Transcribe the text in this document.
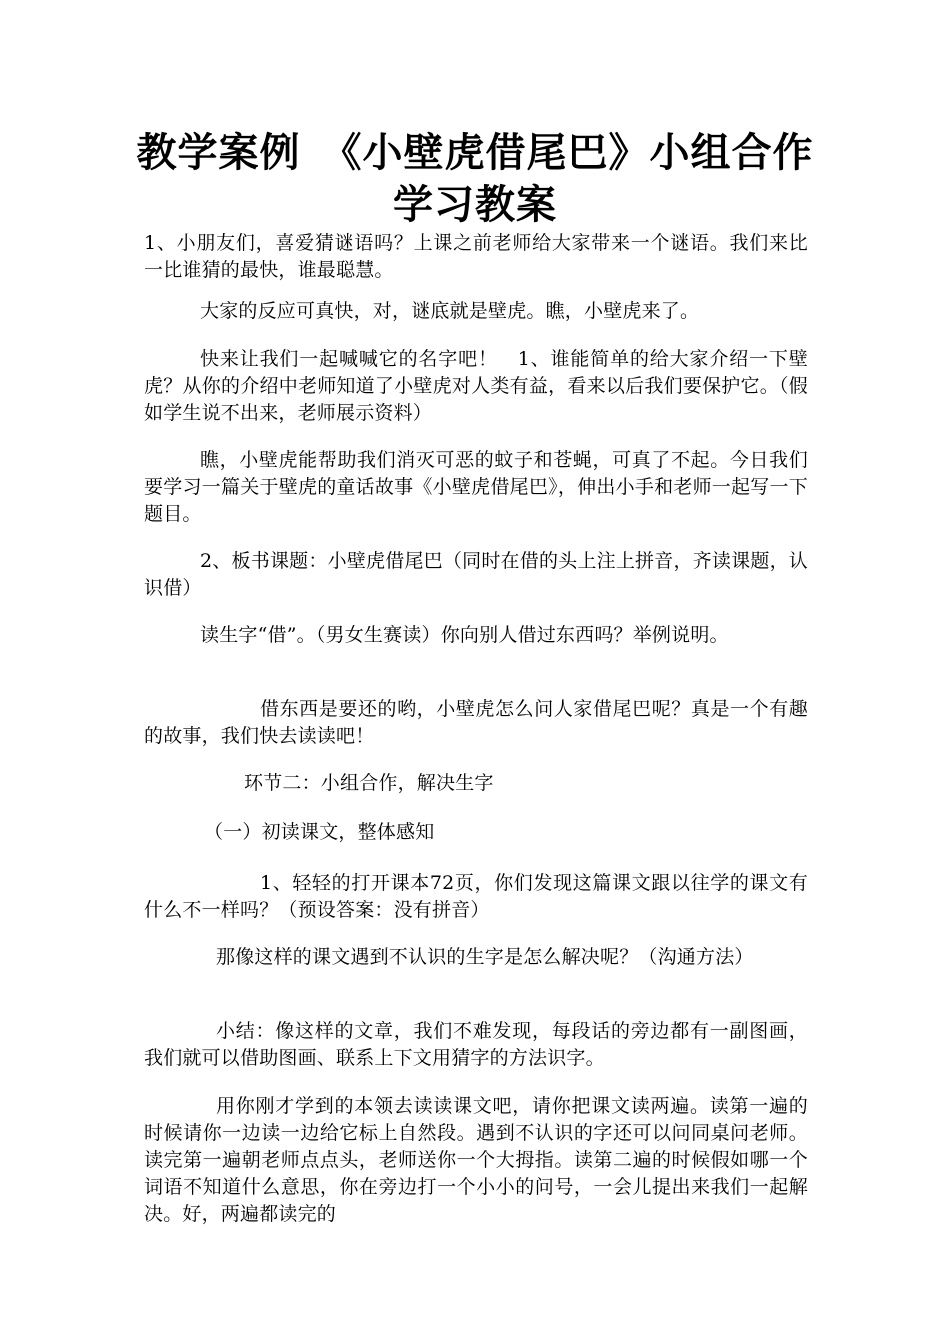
教学案例　《小壁虎借尾巴》小组合作
学习教案

1、小朋友们，喜爱猜谜语吗？上课之前老师给大家带来一个谜语。我们来比一比谁猜的最快，谁最聪慧。

大家的反应可真快，对，谜底就是壁虎。瞧，小壁虎来了。

快来让我们一起喊喊它的名字吧！　1、谁能简单的给大家介绍一下壁虎？从你的介绍中老师知道了小壁虎对人类有益，看来以后我们要保护它。（假如学生说不出来，老师展示资料）

瞧，小壁虎能帮助我们消灭可恶的蚊子和苍蝇，可真了不起。今日我们要学习一篇关于壁虎的童话故事《小壁虎借尾巴》，伸出小手和老师一起写一下题目。

2、板书课题：小壁虎借尾巴（同时在借的头上注上拼音，齐读课题，认识借）

读生字“借”。（男女生赛读）你向别人借过东西吗？举例说明。

借东西是要还的哟，小壁虎怎么问人家借尾巴呢？真是一个有趣的故事，我们快去读读吧！

环节二：小组合作，解决生字

（一）初读课文，整体感知

1、轻轻的打开课本72页，你们发现这篇课文跟以往学的课文有什么不一样吗？（预设答案：没有拼音）

那像这样的课文遇到不认识的生字是怎么解决呢？（沟通方法）

小结：像这样的文章，我们不难发现，每段话的旁边都有一副图画，我们就可以借助图画、联系上下文用猜字的方法识字。

用你刚才学到的本领去读读课文吧，请你把课文读两遍。读第一遍的时候请你一边读一边给它标上自然段。遇到不认识的字还可以问同桌问老师。读完第一遍朝老师点点头，老师送你一个大拇指。读第二遍的时候假如哪一个词语不知道什么意思，你在旁边打一个小小的问号，一会儿提出来我们一起解决。好，两遍都读完的
